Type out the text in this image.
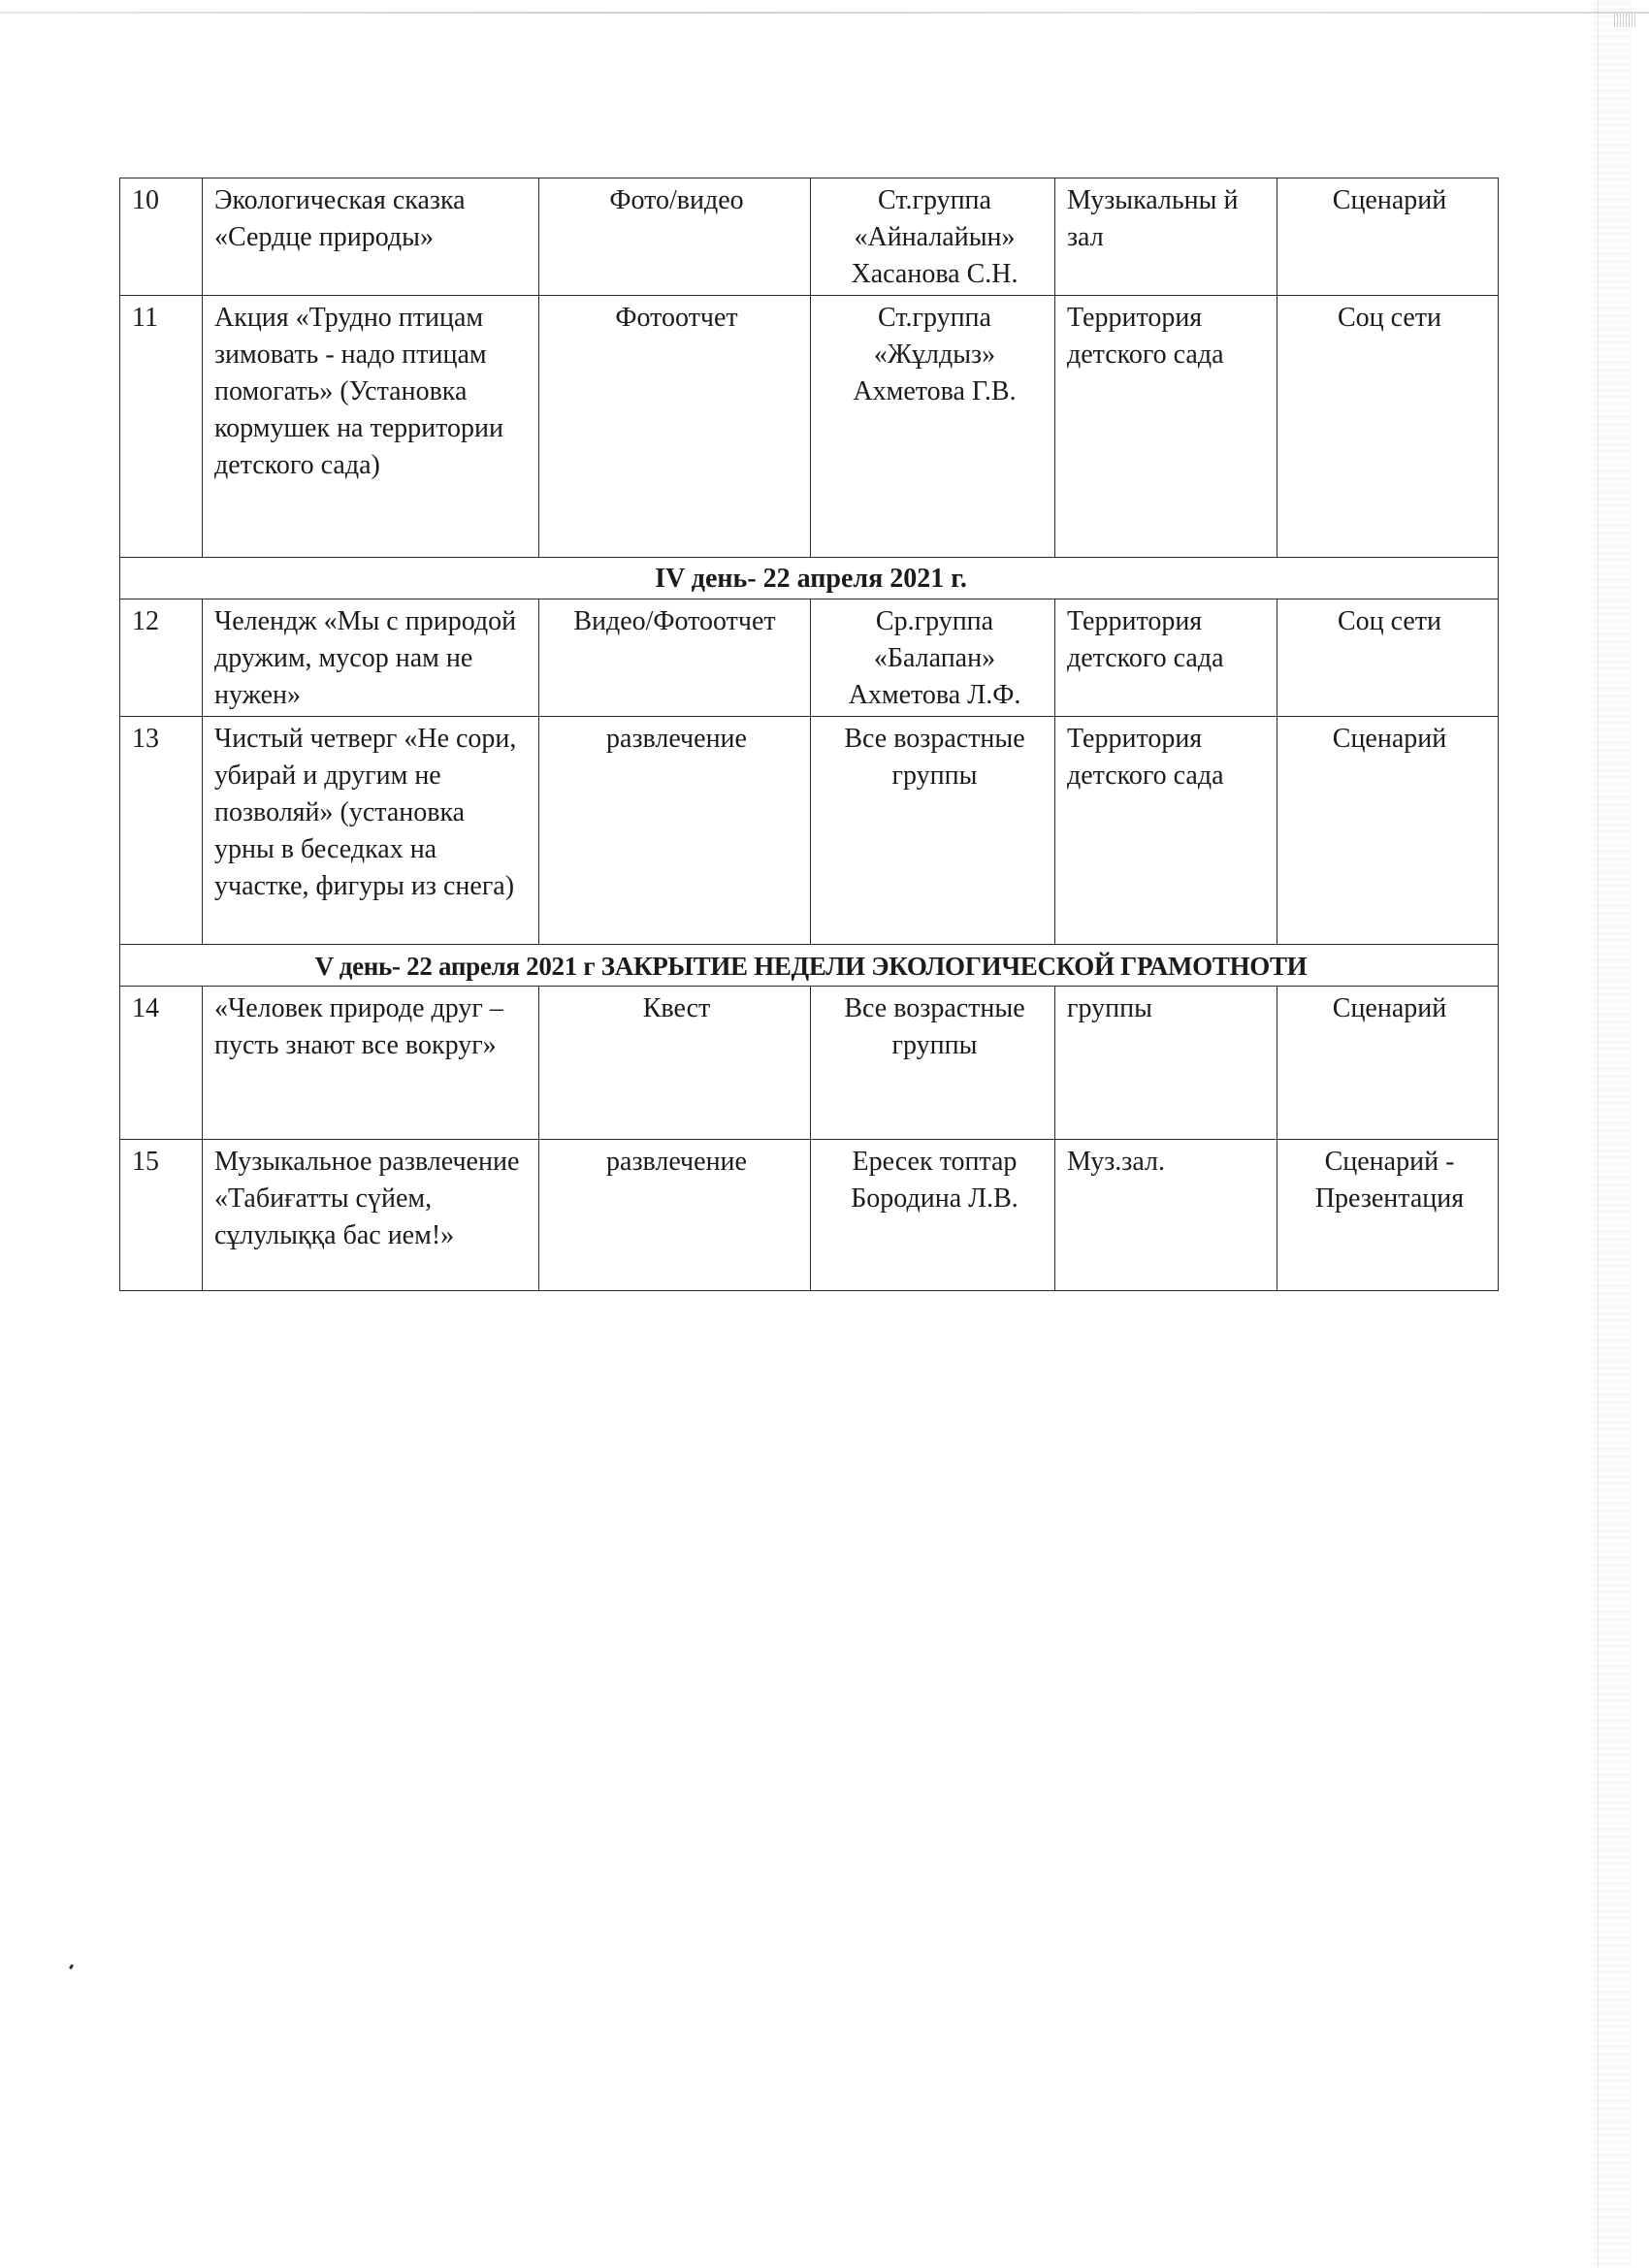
10	Экологическая сказка «Сердце природы»	Фото/видео	Ст.группа «Айналайын» Хасанова С.Н.	Музыкальны й зал	Сценарий
11	Акция «Трудно птицам зимовать - надо птицам помогать» (Установка кормушек на территории детского сада)	Фотоотчет	Ст.группа «Жұлдыз» Ахметова Г.В.	Территория детского сада	Соц сети
IV день- 22 апреля 2021 г.					
12	Челендж «Мы с природой дружим, мусор нам не нужен»	Видео/Фотоотчет	Ср.группа «Балапан» Ахметова Л.Ф.	Территория детского сада	Соц сети
13	Чистый четверг «Не сори, убирай и другим не позволяй» (установка урны в беседках на участке, фигуры из снега)	развлечение	Все возрастные группы	Территория детского сада	Сценарий
V день- 22 апреля 2021 г ЗАКРЫТИЕ НЕДЕЛИ ЭКОЛОГИЧЕСКОЙ ГРАМОТНОТИ					
14	«Человек природе друг – пусть знают все вокруг»	Квест	Все возрастные группы	группы	Сценарий
15	Музыкальное развлечение «Табиғатты сүйем, сұлулыққа бас ием!»	развлечение	Ересек топтар Бородина Л.В.	Муз.зал.	Сценарий - Презентация
